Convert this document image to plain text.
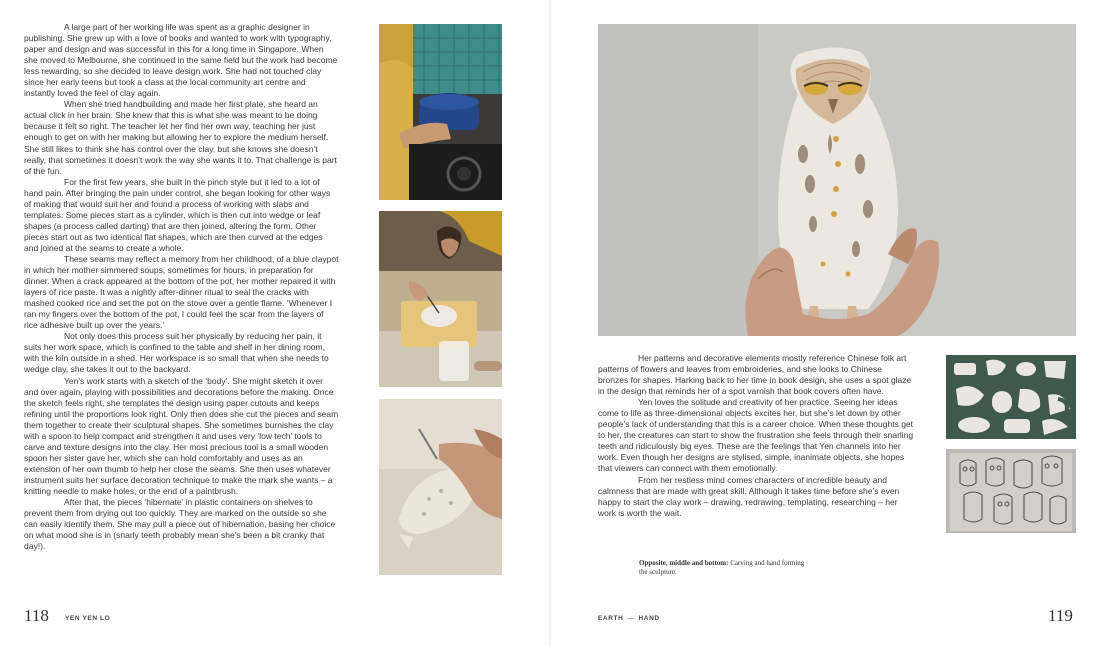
A large part of her working life was spent as a graphic designer in publishing. She grew up with a love of books and wanted to work with typography, paper and design and was successful in this for a long time in Singapore. When she moved to Melbourne, she continued in the same field but the work had become less rewarding, so she decided to leave design work. She had not touched clay since her early teens but took a class at the local community art centre and instantly loved the feel of clay again.

When she tried handbuilding and made her first plate, she heard an actual click in her brain. She knew that this is what she was meant to be doing because it felt so right. The teacher let her find her own way, teaching her just enough to get on with her making but allowing her to explore the medium herself. She still likes to think she has control over the clay, but she knows she doesn’t really, that sometimes it doesn’t work the way she wants it to. That challenge is part of the fun.

For the first few years, she built in the pinch style but it led to a lot of hand pain. After bringing the pain under control, she began looking for other ways of making that would suit her and found a process of working with slabs and templates. Some pieces start as a cylinder, which is then cut into wedge or leaf shapes (a process called darting) that are then joined, altering the form. Other pieces start out as two identical flat shapes, which are then curved at the edges and joined at the seams to create a whole.

These seams may reflect a memory from her childhood, of a blue claypot in which her mother simmered soups, sometimes for hours, in preparation for dinner. When a crack appeared at the bottom of the pot, her mother repaired it with layers of rice paste. It was a nightly after-dinner ritual to seal the cracks with mashed cooked rice and set the pot on the stove over a gentle flame. ‘Whenever I ran my fingers over the bottom of the pot, I could feel the scar from the layers of rice adhesive built up over the years.’

Not only does this process suit her physically by reducing her pain, it suits her work space, which is confined to the table and shelf in her dining room, with the kiln outside in a shed. Her workspace is so small that when she needs to wedge clay, she takes it out to the backyard.

Yen’s work starts with a sketch of the ‘body’. She might sketch it over and over again, playing with possibilities and decorations before the making. Once the sketch feels right, she templates the design using paper cutouts and keeps refining until the proportions look right. Only then does she cut the pieces and seam them together to create their sculptural shapes. She sometimes burnishes the clay with a spoon to help compact and strengthen it and uses very ‘low tech’ tools to carve and texture designs into the clay. Her most precious tool is a small wooden spoon her sister gave her, which she can hold comfortably and uses as an extension of her own thumb to help her close the seams. She then uses whatever instrument suits her surface decoration technique to make the mark she wants – a knitting needle to make holes, or the end of a paintbrush.

After that, the pieces ‘hibernate’ in plastic containers on shelves to prevent them from drying out too quickly. They are marked on the outside so she can easily identify them. She may pull a piece out of hibernation, basing her choice on what mood she is in (snarly teeth probably mean she’s been a bit cranky that day!).

Her patterns and decorative elements mostly reference Chinese folk art patterns of flowers and leaves from embroideries, and she looks to Chinese bronzes for shapes. Harking back to her time in book design, she uses a spot glaze in the design that reminds her of a spot varnish that book covers often have.

Yen loves the solitude and creativity of her practice. Seeing her ideas come to life as three-dimensional objects excites her, but she’s let down by other people’s lack of understanding that this is a career choice. When these thoughts get to her, the creatures can start to show the frustration she feels through their snarling teeth and ridiculously big eyes. These are the feelings that Yen channels into her work. Even though her designs are stylised, simple, inanimate objects, she hopes that viewers can connect with them emotionally.

From her restless mind comes characters of incredible beauty and calmness that are made with great skill. Although it takes time before she’s even happy to start the clay work – drawing, redrawing, templating, researching – her work is worth the wait.

Opposite, middle and bottom: Carving and hand forming the sculpture.
118 YEN YEN LO	EARTH — HAND	119
